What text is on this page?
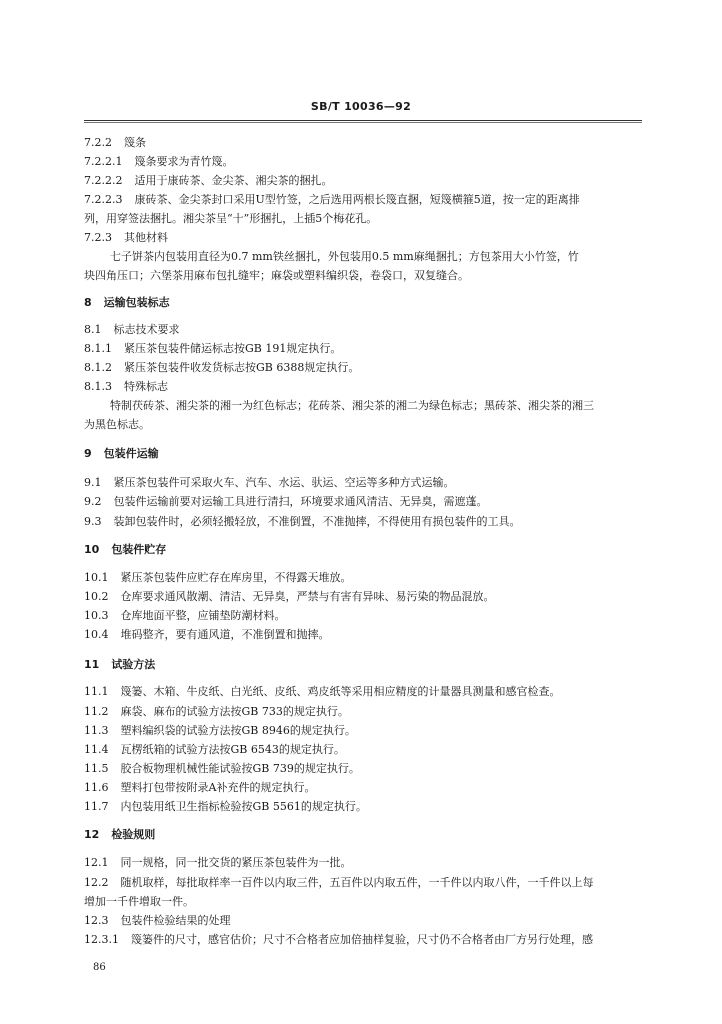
SB/T 10036—92
7.2.2 篾条
7.2.2.1 篾条要求为青竹篾。
7.2.2.2 适用于康砖茶、金尖茶、湘尖茶的捆扎。
7.2.2.3 康砖茶、金尖茶封口采用U型竹签，之后选用两根长篾直捆，短篾横箍5道，按一定的距离排
列，用穿签法捆扎。湘尖茶呈“十”形捆扎，上插5个梅花孔。
7.2.3 其他材料
七子饼茶内包装用直径为0.7 mm铁丝捆扎，外包装用0.5 mm麻绳捆扎；方包茶用大小竹签，竹
块四角压口；六堡茶用麻布包扎缝牢；麻袋或塑料编织袋，卷袋口，双复缝合。
8 运输包装标志
8.1 标志技术要求
8.1.1 紧压茶包装件储运标志按GB 191规定执行。
8.1.2 紧压茶包装件收发货标志按GB 6388规定执行。
8.1.3 特殊标志
特制茯砖茶、湘尖茶的湘一为红色标志；花砖茶、湘尖茶的湘二为绿色标志；黑砖茶、湘尖茶的湘三
为黑色标志。
9 包装件运输
9.1 紧压茶包装件可采取火车、汽车、水运、驮运、空运等多种方式运输。
9.2 包装件运输前要对运输工具进行清扫，环境要求通风清洁、无异臭，需遮蓬。
9.3 装卸包装件时，必须轻搬轻放，不准倒置，不准抛摔，不得使用有损包装件的工具。
10 包装件贮存
10.1 紧压茶包装件应贮存在库房里，不得露天堆放。
10.2 仓库要求通风散潮、清洁、无异臭，严禁与有害有异味、易污染的物品混放。
10.3 仓库地面平整，应铺垫防潮材料。
10.4 堆码整齐，要有通风道，不准倒置和抛摔。
11 试验方法
11.1 篾篓、木箱、牛皮纸、白光纸、皮纸、鸡皮纸等采用相应精度的计量器具测量和感官检查。
11.2 麻袋、麻布的试验方法按GB 733的规定执行。
11.3 塑料编织袋的试验方法按GB 8946的规定执行。
11.4 瓦楞纸箱的试验方法按GB 6543的规定执行。
11.5 胶合板物理机械性能试验按GB 739的规定执行。
11.6 塑料打包带按附录A补充件的规定执行。
11.7 内包装用纸卫生指标检验按GB 5561的规定执行。
12 检验规则
12.1 同一规格，同一批交货的紧压茶包装件为一批。
12.2 随机取样，每批取样率一百件以内取三件，五百件以内取五件，一千件以内取八件，一千件以上每
增加一千件增取一件。
12.3 包装件检验结果的处理
12.3.1 篾篓件的尺寸，感官估价；尺寸不合格者应加倍抽样复验，尺寸仍不合格者由厂方另行处理，感
86
